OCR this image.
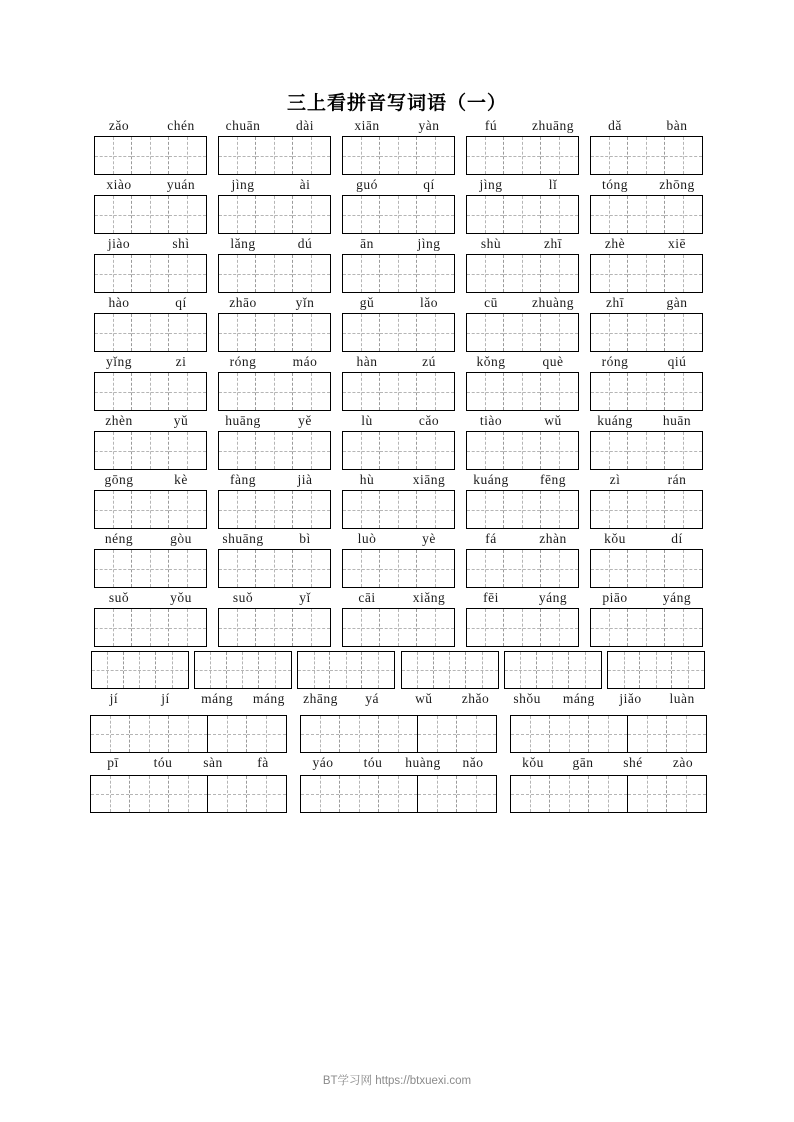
三上看拼音写词语（一）
zǎo	chén	chuān	dài	xiān	yàn	fú	zhuāng	dǎ	bàn
xiào	yuán	jìng	ài	guó	qí	jìng	lǐ	tóng	zhōng
jiào	shì	lǎng	dú	ān	jìng	shù	zhī	zhè	xiē
hào	qí	zhāo	yǐn	gǔ	lǎo	cū	zhuàng	zhī	gàn
yǐng	zi	róng	máo	hàn	zú	kǒng	què	róng	qiú
zhèn	yǔ	huāng	yě	lù	cǎo	tiào	wǔ	kuáng	huān
gōng	kè	fàng	jià	hù	xiāng	kuáng	fēng	zì	rán
néng	gòu	shuāng	bì	luò	yè	fá	zhàn	kǒu	dí
suǒ	yǒu	suǒ	yǐ	cāi	xiǎng	fēi	yáng	piāo	yáng
jí	jí	máng	máng	zhāng	yá	wǔ	zhǎo	shǒu	máng	jiǎo	luàn
pī	tóu	sàn	fà	yáo	tóu	huàng	nǎo	kǒu	gān	shé	zào
BT学习网 https://btxuexi.com
